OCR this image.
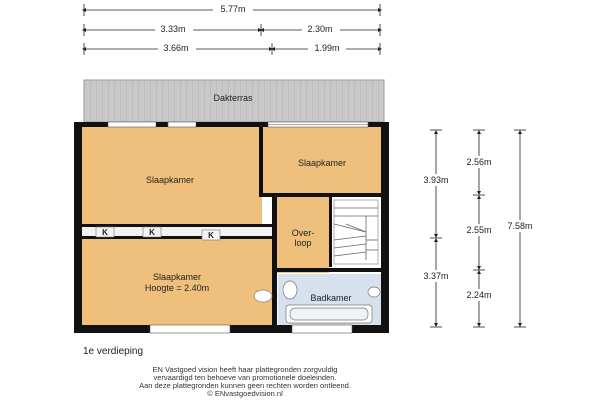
5.77m
3.33m	2.30m
3.66m	1.99m
Dakterras
3.93m
3.37m
2.56m
2.55m
2.24m
7.58m
K	K	K
Slaapkamer
Slaapkamer
Over-
loop
Slaapkamer
Hoogte = 2.40m
Badkamer
1e verdieping
EN Vastgoed vision heeft haar plattegronden zorgvuldig
vervaardigd ten behoeve van promotionele doeleinden.
Aan deze plattegronden kunnen geen rechten worden ontleend.
© ENvastgoedvision.nl
